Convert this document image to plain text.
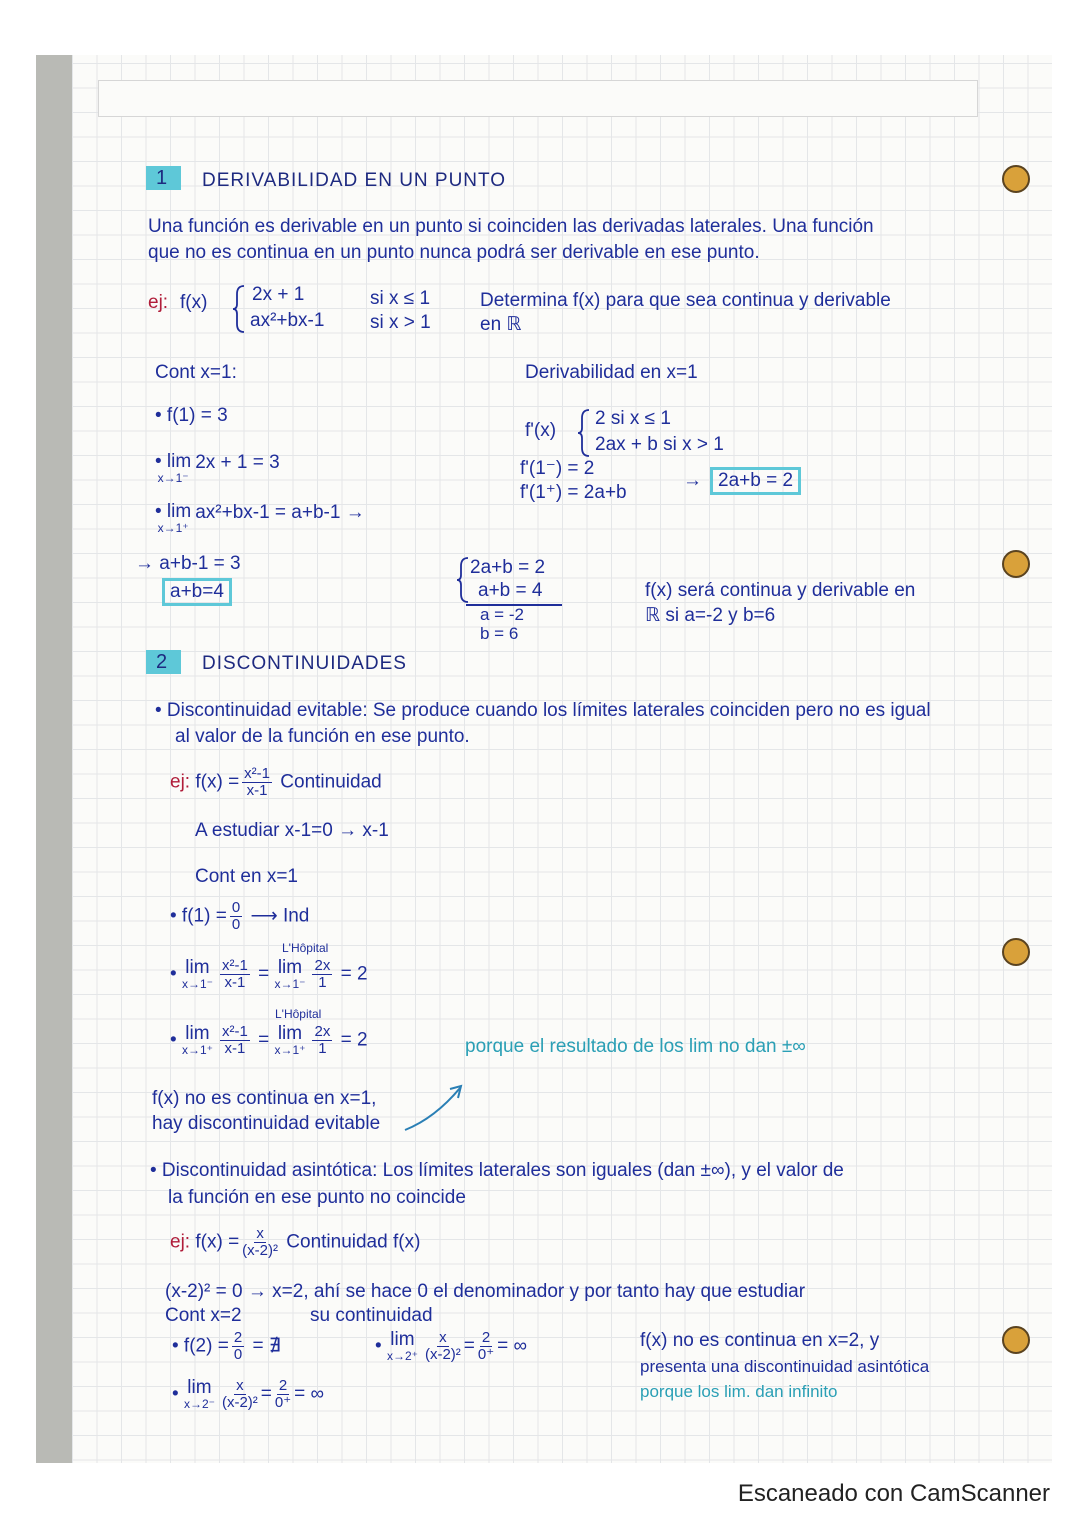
1	DERIVABILIDAD EN UN PUNTO
Una función es derivable en un punto si coinciden las derivadas laterales. Una función
que no es continua en un punto nunca podrá ser derivable en ese punto.
ej: f(x) 2x + 1	si x ≤ 1
ax²+bx-1 si x > 1
Determina f(x) para que sea continua y derivable
en ℝ
Cont x=1:
• f(1) = 3
• lim
x→1⁻
2x + 1 = 3
• lim
x→1⁺
ax²+bx-1 = a+b-1 →
→ a+b-1 = 3
a+b=4
Derivabilidad en x=1
f'(x)
2 si x ≤ 1
2ax + b si x > 1
f'(1⁻) = 2
f'(1⁺) = 2a+b
→ 2a+b = 2
2a+b = 2
a+b = 4
a = -2
b = 6
f(x) será continua y derivable en
ℝ si a=-2 y b=6
2	DISCONTINUIDADES
• Discontinuidad evitable: Se produce cuando los límites laterales coinciden pero no es igual
al valor de la función en ese punto.
ej: $f(x) = \frac{\text{x²-1}}{x-1}$ Continuidad
A estudiar x-1=0 → x-1
Cont en x=1
• $f(1) = \frac{0}{0}$ ⟶ Ind
L'Hôpital
• lim
$x\to 1^- \frac{\text{x²-1}}{x-1} = \lim$
$x\to 1^- \frac{2x}{1} = 2$
L'Hôpital
• lim
$x\to 1^+ \frac{\text{x²-1}}{x-1} = \lim$
$x\to 1^+ \frac{2x}{1} = 2$	porque el resultado de los lim no dan ±∞
f(x) no es continua en x=1,
hay discontinuidad evitable
• Discontinuidad asintótica: Los límites laterales son iguales (dan ±∞), y el valor de
la función en ese punto no coincide
ej: $f(x) = \frac{x}{\text{(x-2)²}}$ Continuidad f(x)
(x-2)² = 0 → x=2, ahí se hace 0 el denominador y por tanto hay que estudiar
Cont x=2	su continuidad
• $f(2) = \frac{2}{0}$ = ∄	• lim
$x\to 2^+ \frac{x}{\text{(x-2)²}} = \frac{2}{0^+}$ = ∞
• lim
$x\to 2^- \frac{x}{\text{(x-2)²}} = \frac{2}{0^+}$ = ∞
f(x) no es continua en x=2, y
presenta una discontinuidad asintótica
porque los lim. dan infinito
Escaneado con CamScanner
